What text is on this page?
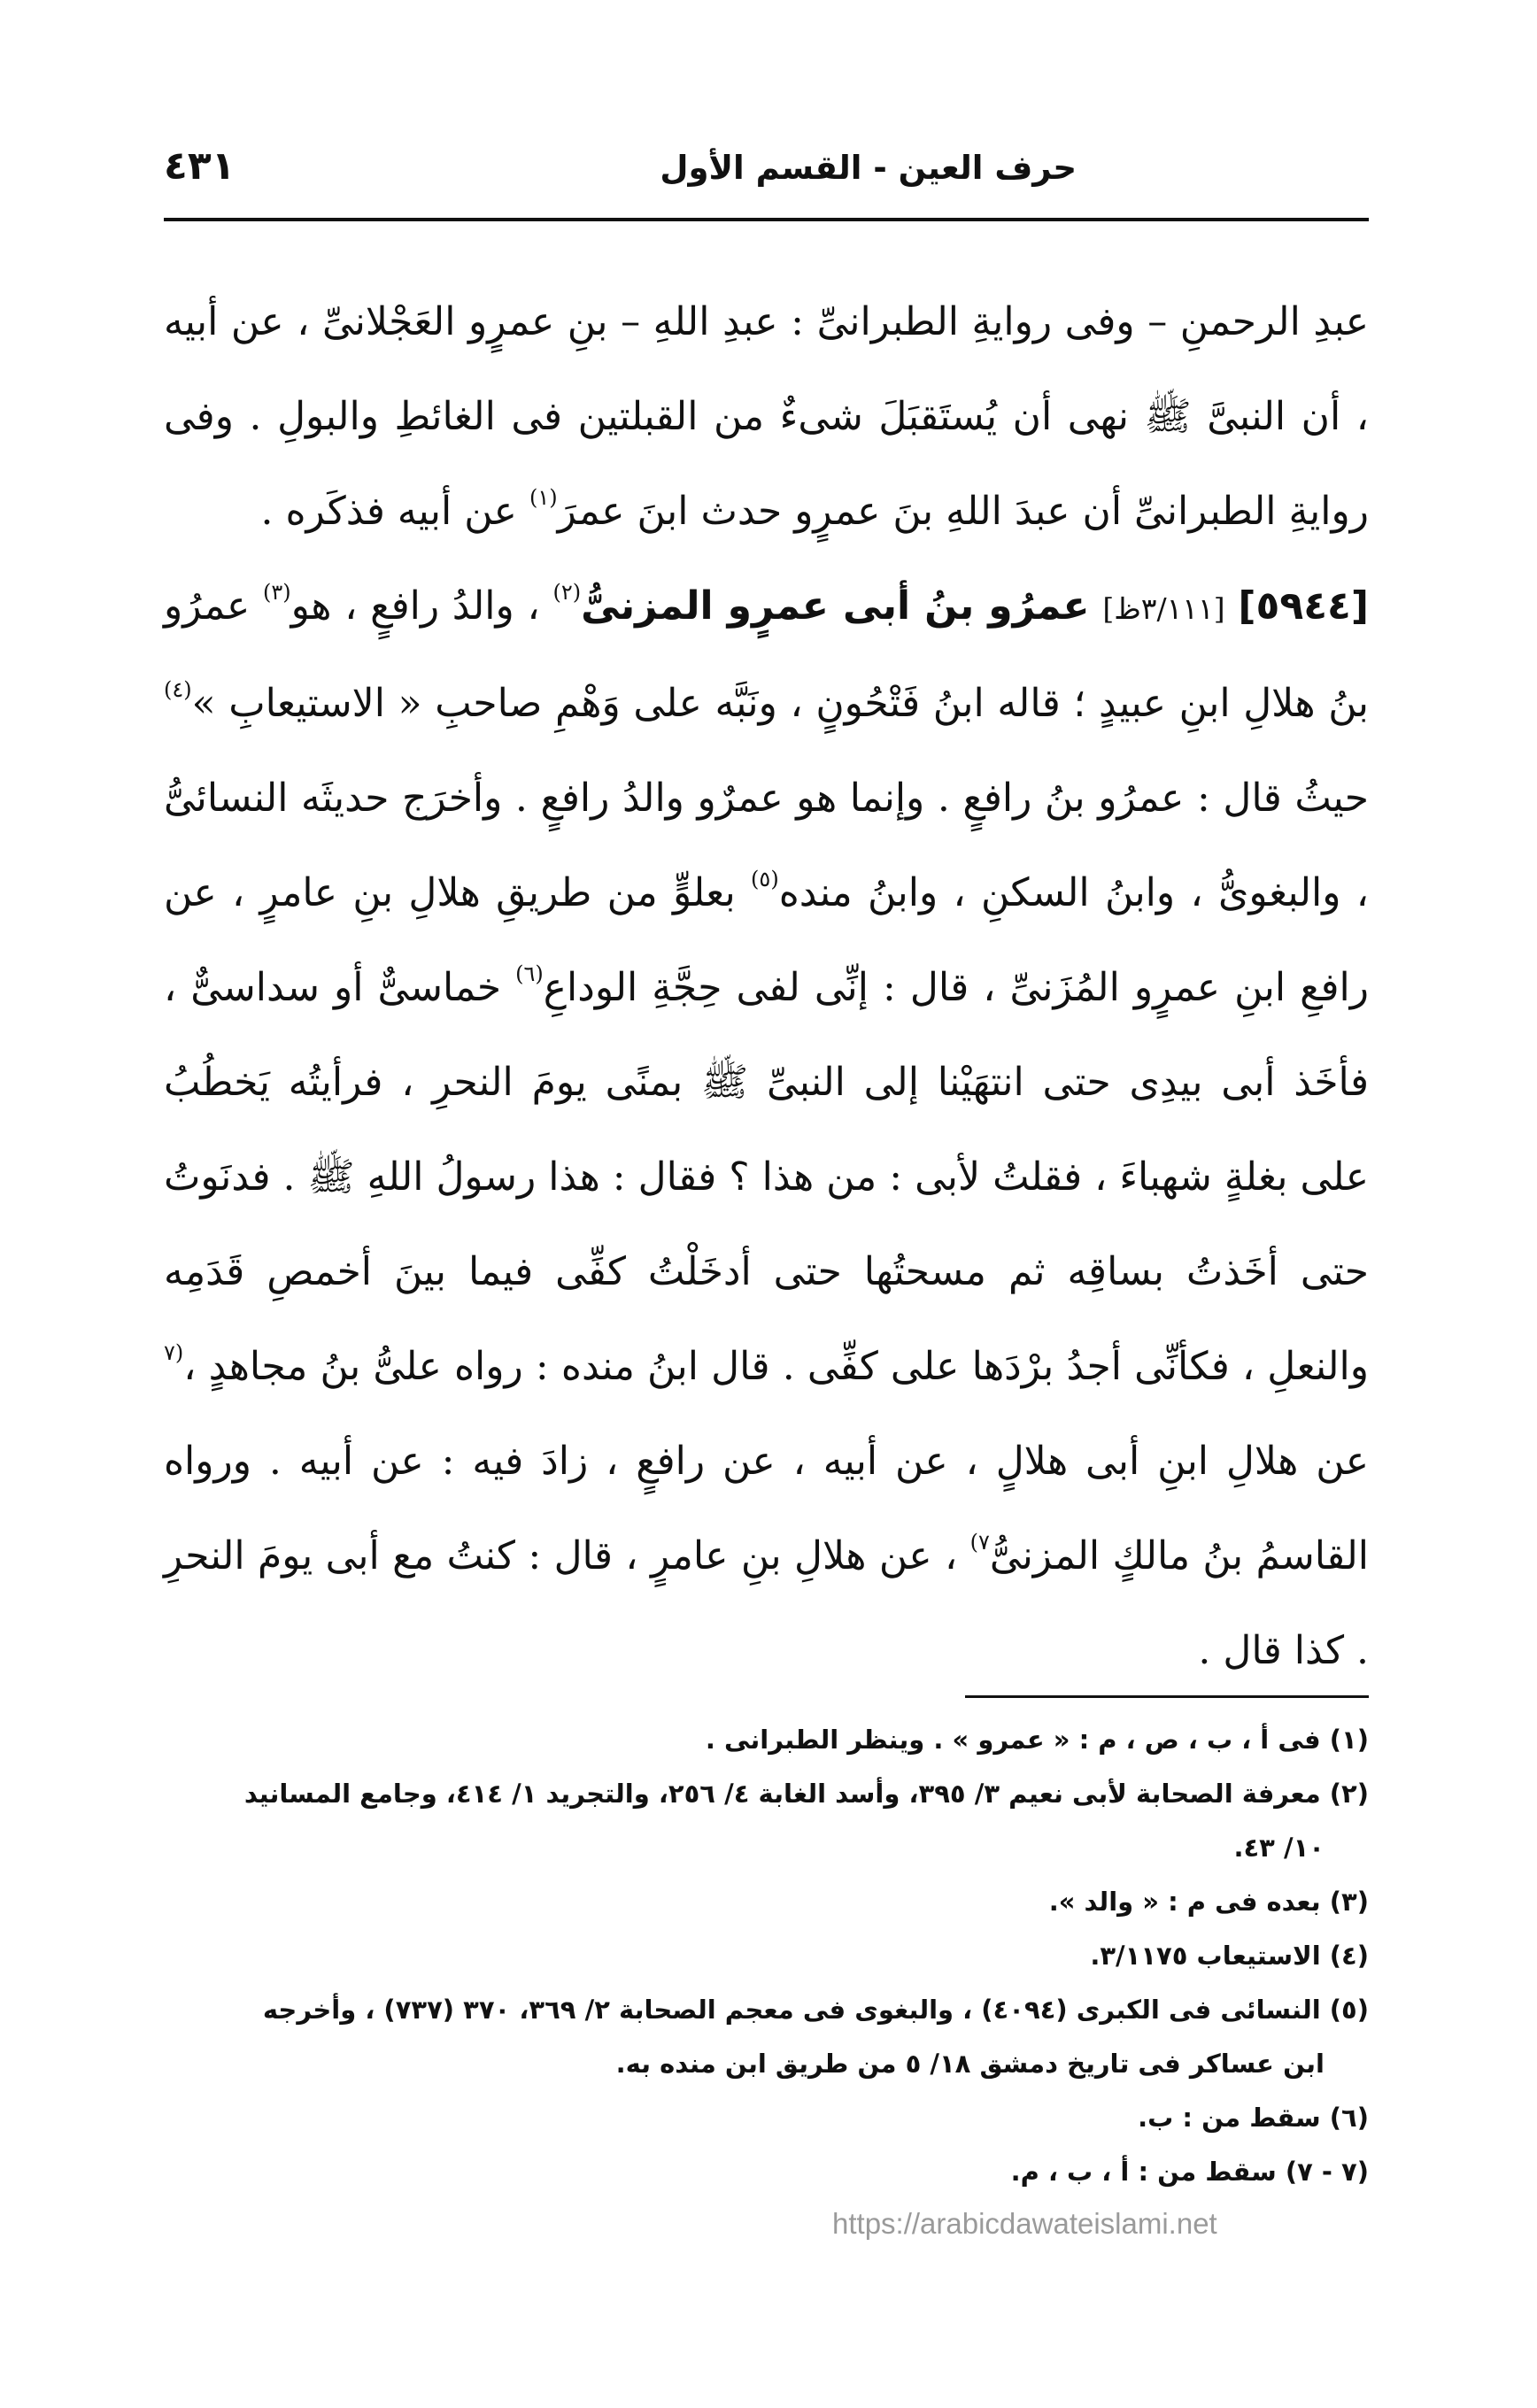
حرف العين - القسم الأول
٤٣١

عبدِ الرحمنِ – وفى روايةِ الطبرانىِّ : عبدِ اللهِ – بنِ عمرٍو العَجْلانىِّ ، عن أبيه ، أن النبىَّ ﷺ نهى أن يُستَقبَلَ شىءٌ من القبلتين فى الغائطِ والبولِ . وفى روايةِ الطبرانىِّ أن عبدَ اللهِ بنَ عمرٍو حدث ابنَ عمرَ$^{(١)}$ عن أبيه فذكَره .

[٥٩٤٤] [٣/١١١ظ] عمرُو بنُ أبى عمرٍو المزنىُّ$^{(٢)}$ ، والدُ رافعٍ ، هو$^{(٣)}$ عمرُو بنُ هلالِ ابنِ عبيدٍ ؛ قاله ابنُ فَتْحُونٍ ، ونَبَّه على وَهْمِ صاحبِ « الاستيعابِ »$^{(٤)}$ حيثُ قال : عمرُو بنُ رافعٍ . وإنما هو عمرٌو والدُ رافعٍ . وأخرَج حديثَه النسائىُّ ، والبغوىُّ ، وابنُ السكنِ ، وابنُ منده$^{(٥)}$ بعلوٍّ من طريقِ هلالِ بنِ عامرٍ ، عن رافعِ ابنِ عمرٍو المُزَنىِّ ، قال : إنِّى لفى حِجَّةِ الوداعِ$^{(٦)}$ خماسىٌّ أو سداسىٌّ ، فأخَذ أبى بيدِى حتى انتهَيْنا إلى النبىِّ ﷺ بمنًى يومَ النحرِ ، فرأيتُه يَخطُبُ على بغلةٍ شهباءَ ، فقلتُ لأبى : من هذا ؟ فقال : هذا رسولُ اللهِ ﷺ . فدنَوتُ حتى أخَذتُ بساقِه ثم مسحتُها حتى أدخَلْتُ كفِّى فيما بينَ أخمصِ قَدَمِه والنعلِ ، فكأنِّى أجدُ برْدَها على كفِّى . قال ابنُ منده : رواه علىُّ بنُ مجاهدٍ ،$^{(٧}$ عن هلالِ ابنِ أبى هلالٍ ، عن أبيه ، عن رافعٍ ، زادَ فيه : عن أبيه . ورواه القاسمُ بنُ مالكٍ المزنىُّ$^{٧)}$ ، عن هلالِ بنِ عامرٍ ، قال : كنتُ مع أبى يومَ النحرِ . كذا قال .

(١) فى أ ، ب ، ص ، م : « عمرو » . وينظر الطبرانى .

(٢) معرفة الصحابة لأبى نعيم ٣/ ٣٩٥، وأسد الغابة ٤/ ٢٥٦، والتجريد ١/ ٤١٤، وجامع المسانيد
١٠/ ٤٣.

(٣) بعده فى م : « والد ».

(٤) الاستيعاب ٣/١١٧٥.

(٥) النسائى فى الكبرى (٤٠٩٤) ، والبغوى فى معجم الصحابة ٢/ ٣٦٩، ٣٧٠ (٧٣٧) ، وأخرجه
ابن عساكر فى تاريخ دمشق ١٨/ ٥ من طريق ابن منده به.

(٦) سقط من : ب.

(٧ - ٧) سقط من : أ ، ب ، م.

https://arabicdawateislami.net
